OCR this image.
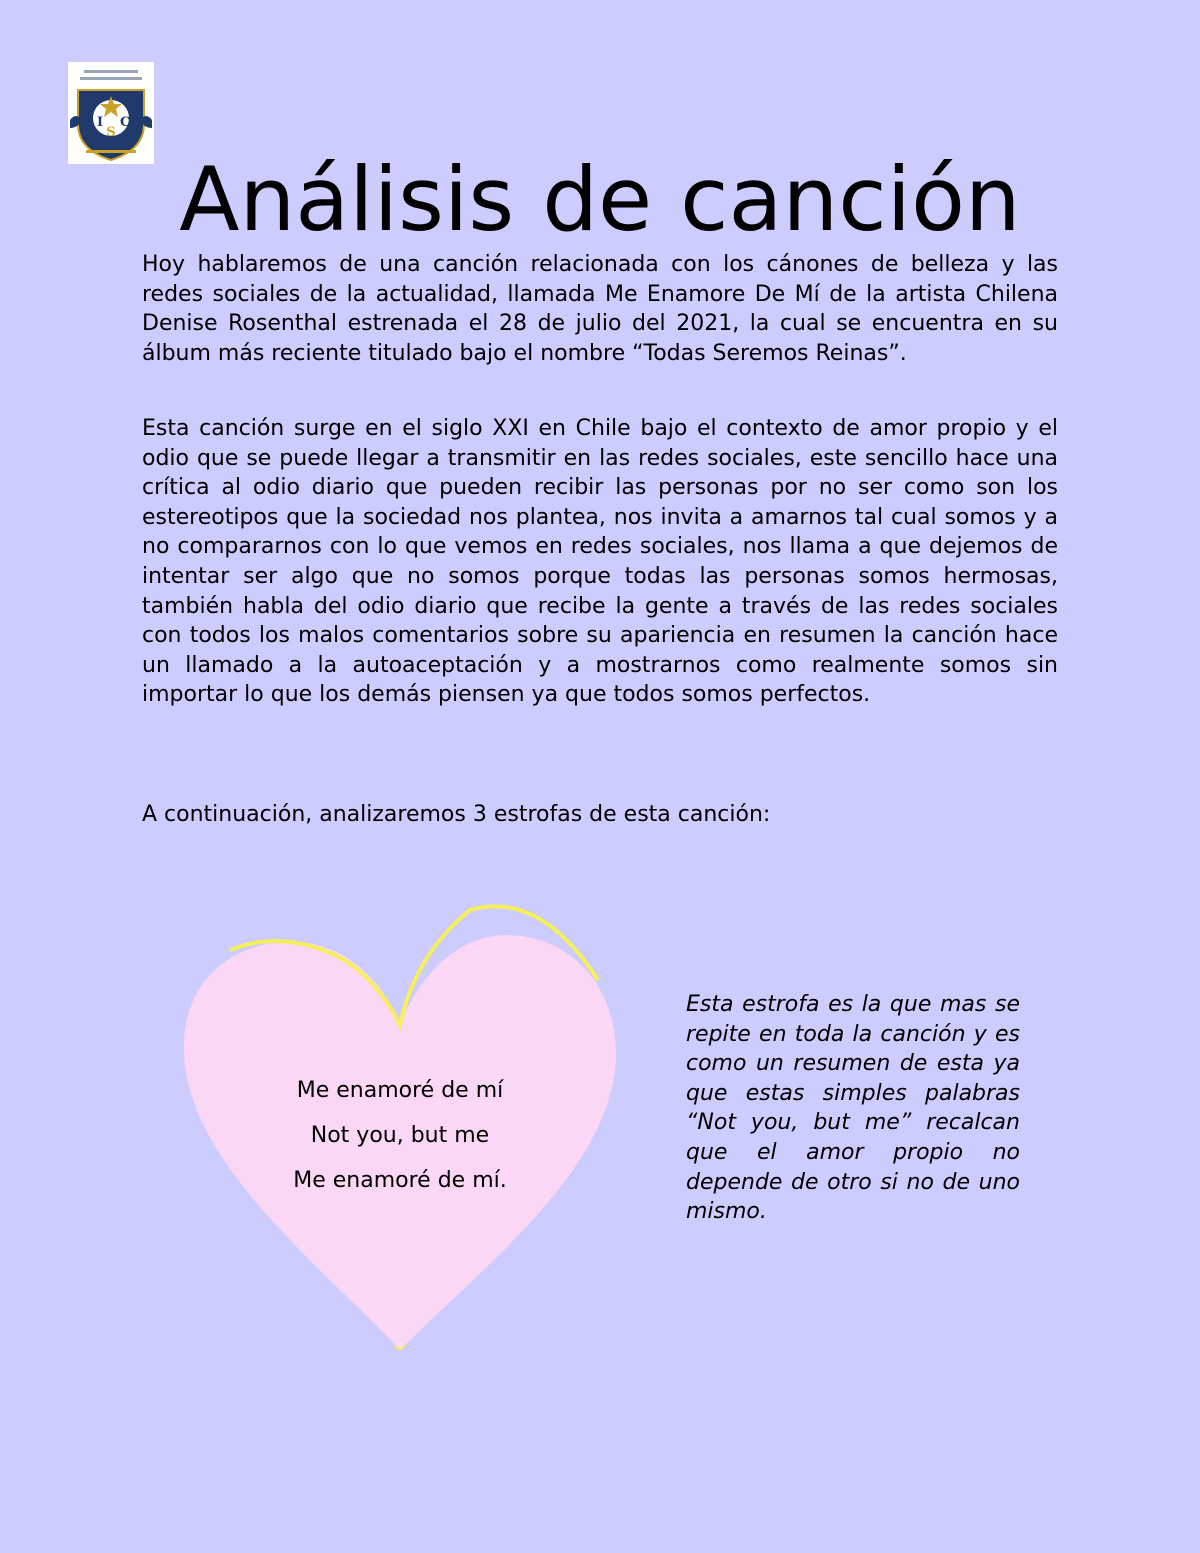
I
S
C
Análisis de canción

Hoy hablaremos de una canción relacionada con los cánones de belleza y las redes sociales de la actualidad, llamada Me Enamore De Mí de la artista Chilena Denise Rosenthal estrenada el 28 de julio del 2021, la cual se encuentra en su álbum más reciente titulado bajo el nombre “Todas Seremos Reinas”.

Esta canción surge en el siglo XXI en Chile bajo el contexto de amor propio y el odio que se puede llegar a transmitir en las redes sociales, este sencillo hace una crítica al odio diario que pueden recibir las personas por no ser como son los estereotipos que la sociedad nos plantea, nos invita a amarnos tal cual somos y a no compararnos con lo que vemos en redes sociales, nos llama a que dejemos de intentar ser algo que no somos porque todas las personas somos hermosas, también habla del odio diario que recibe la gente a través de las redes sociales con todos los malos comentarios sobre su apariencia en resumen la canción hace un llamado a la autoaceptación y a mostrarnos como realmente somos sin importar lo que los demás piensen ya que todos somos perfectos.

A continuación, analizaremos 3 estrofas de esta canción:

Me enamoré de mí
Not you, but me
Me enamoré de mí.

Esta estrofa es la que mas se repite en toda la canción y es como un resumen de esta ya que estas simples palabras “Not you, but me” recalcan que el amor propio no depende de otro si no de uno mismo.
